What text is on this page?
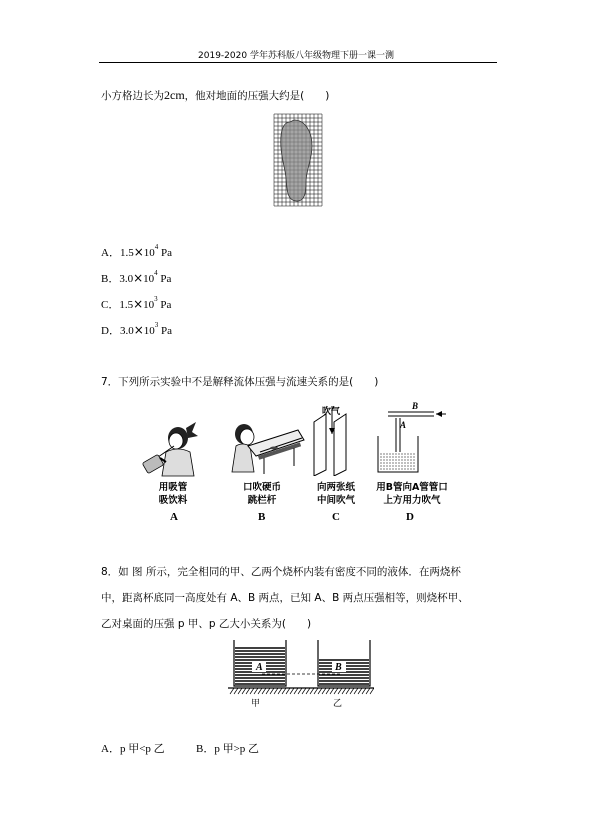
2019-2020 学年苏科版八年级物理下册一课一测
小方格边长为2cm，他对地面的压强大约是(　　)
A．$1.5\times 10^4$ Pa
B．$3.0\times 10^4$ Pa
C．$1.5\times 10^3$ Pa
D．$3.0\times 10^3$ Pa
7．下列所示实验中不是解释流体压强与流速关系的是(　　)
吹气
B
A
用吸管
吸饮料
口吹硬币
跳栏杆
向两张纸
中间吹气
用B管向A管管口
上方用力吹气
A	B	C	D
8．如 图 所示，完全相同的甲、乙两个烧杯内装有密度不同的液体．在两烧杯
中，距离杯底同一高度处有 A、B 两点，已知 A、B 两点压强相等，则烧杯甲、
乙对桌面的压强 p 甲、p 乙大小关系为(　　)
A	B
甲	乙
A．p 甲<p 乙	B．p 甲>p 乙
